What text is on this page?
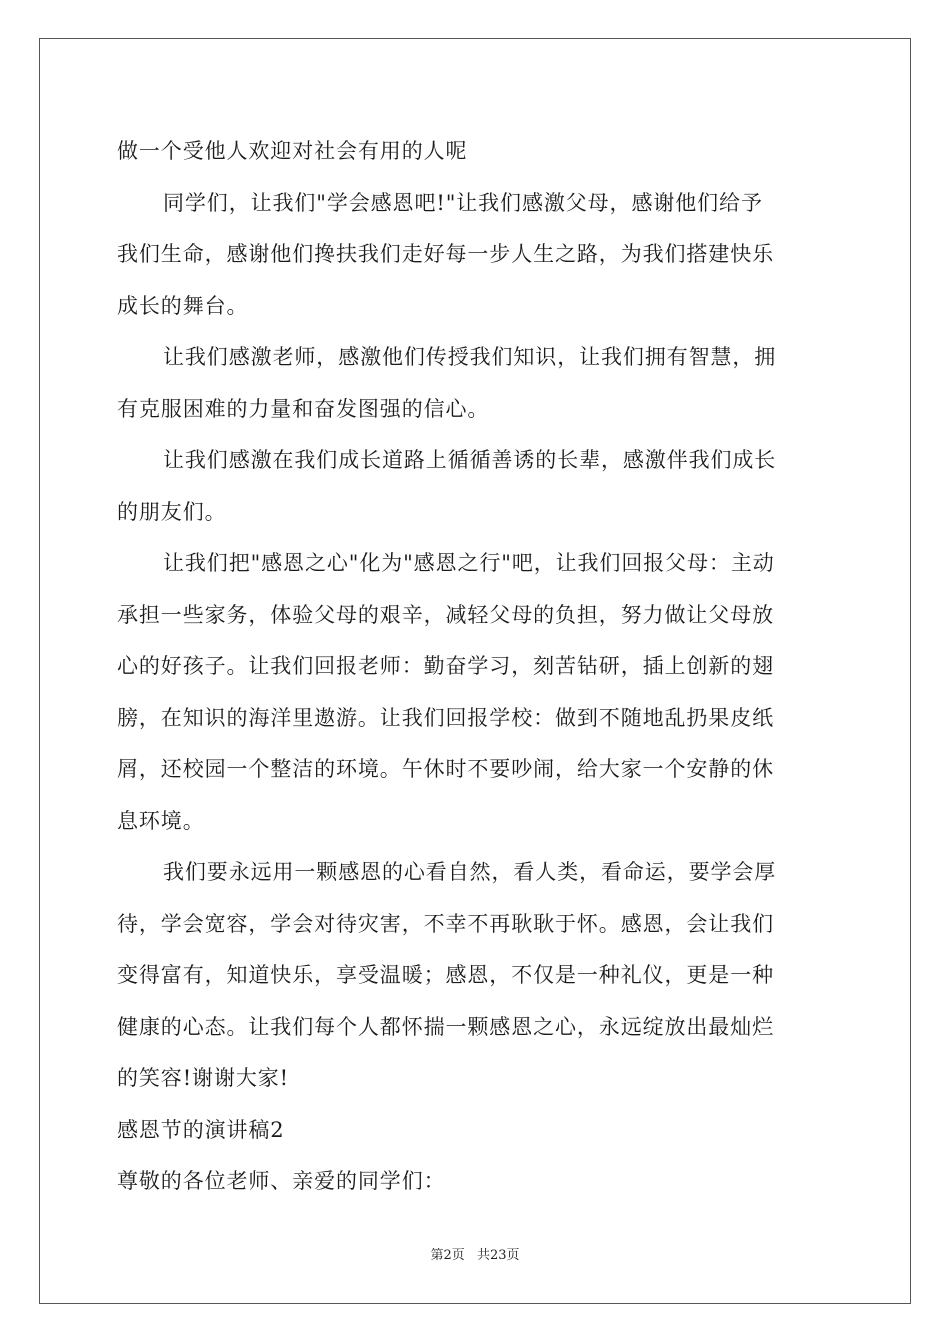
做一个受他人欢迎对社会有用的人呢
同学们，让我们"学会感恩吧!"让我们感激父母，感谢他们给予
我们生命，感谢他们搀扶我们走好每一步人生之路，为我们搭建快乐
成长的舞台。
让我们感激老师，感激他们传授我们知识，让我们拥有智慧，拥
有克服困难的力量和奋发图强的信心。
让我们感激在我们成长道路上循循善诱的长辈，感激伴我们成长
的朋友们。
让我们把"感恩之心"化为"感恩之行"吧，让我们回报父母：主动
承担一些家务，体验父母的艰辛，减轻父母的负担，努力做让父母放
心的好孩子。让我们回报老师：勤奋学习，刻苦钻研，插上创新的翅
膀，在知识的海洋里遨游。让我们回报学校：做到不随地乱扔果皮纸
屑，还校园一个整洁的环境。午休时不要吵闹，给大家一个安静的休
息环境。
我们要永远用一颗感恩的心看自然，看人类，看命运，要学会厚
待，学会宽容，学会对待灾害，不幸不再耿耿于怀。感恩，会让我们
变得富有，知道快乐，享受温暖；感恩，不仅是一种礼仪，更是一种
健康的心态。让我们每个人都怀揣一颗感恩之心，永远绽放出最灿烂
的笑容!谢谢大家!
感恩节的演讲稿2
尊敬的各位老师、亲爱的同学们：
第2页 共23页
